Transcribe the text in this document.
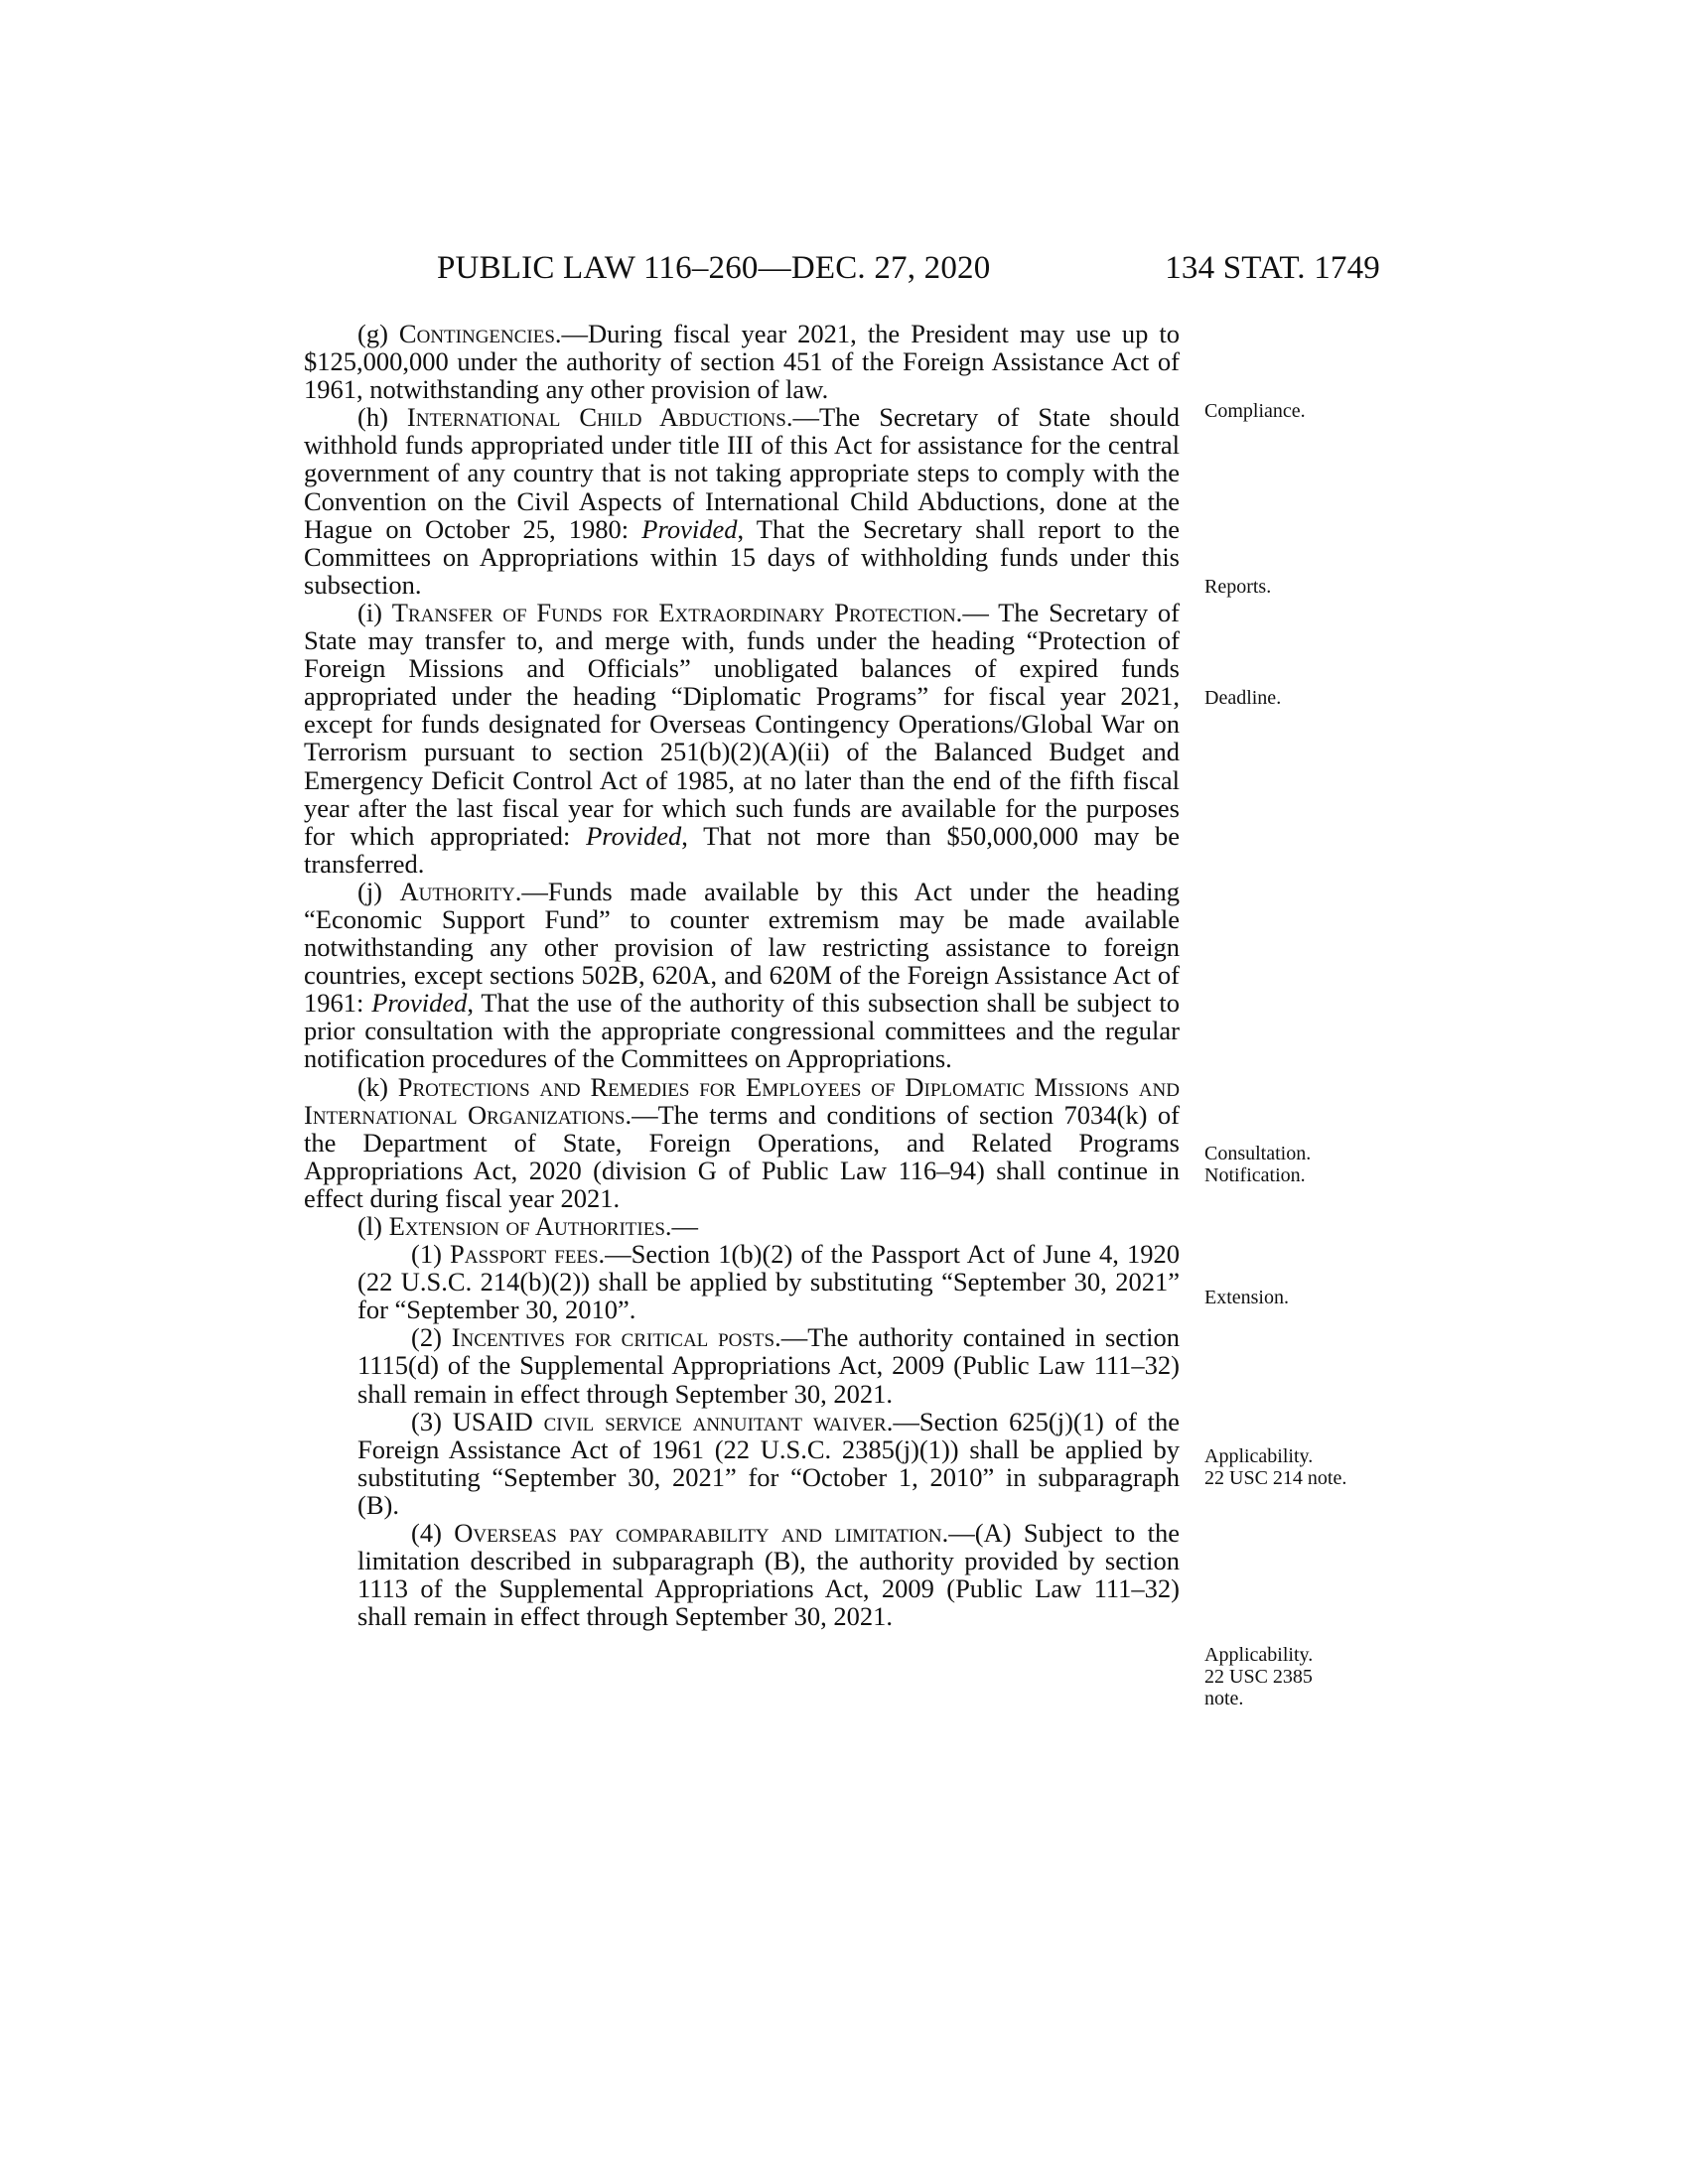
PUBLIC LAW 116–260—DEC. 27, 2020	134 STAT. 1749

(g) Contingencies.—During fiscal year 2021, the President may use up to $125,000,000 under the authority of section 451 of the Foreign Assistance Act of 1961, notwithstanding any other provision of law.

(h) International Child Abductions.—The Secretary of State should withhold funds appropriated under title III of this Act for assistance for the central government of any country that is not taking appropriate steps to comply with the Convention on the Civil Aspects of International Child Abductions, done at the Hague on October 25, 1980: Provided, That the Secretary shall report to the Committees on Appropriations within 15 days of withholding funds under this subsection.

(i) Transfer of Funds for Extraordinary Protection.— The Secretary of State may transfer to, and merge with, funds under the heading “Protection of Foreign Missions and Officials” unobligated balances of expired funds appropriated under the heading “Diplomatic Programs” for fiscal year 2021, except for funds designated for Overseas Contingency Operations/Global War on Terrorism pursuant to section 251(b)(2)(A)(ii) of the Balanced Budget and Emergency Deficit Control Act of 1985, at no later than the end of the fifth fiscal year after the last fiscal year for which such funds are available for the purposes for which appropriated: Provided, That not more than $50,000,000 may be transferred.

(j) Authority.—Funds made available by this Act under the heading “Economic Support Fund” to counter extremism may be made available notwithstanding any other provision of law restricting assistance to foreign countries, except sections 502B, 620A, and 620M of the Foreign Assistance Act of 1961: Provided, That the use of the authority of this subsection shall be subject to prior consultation with the appropriate congressional committees and the regular notification procedures of the Committees on Appropriations.

(k) Protections and Remedies for Employees of Diplomatic Missions and International Organizations.—The terms and conditions of section 7034(k) of the Department of State, Foreign Operations, and Related Programs Appropriations Act, 2020 (division G of Public Law 116–94) shall continue in effect during fiscal year 2021.

(l) Extension of Authorities.—

(1) Passport fees.—Section 1(b)(2) of the Passport Act of June 4, 1920 (22 U.S.C. 214(b)(2)) shall be applied by substituting “September 30, 2021” for “September 30, 2010”.

(2) Incentives for critical posts.—The authority contained in section 1115(d) of the Supplemental Appropriations Act, 2009 (Public Law 111–32) shall remain in effect through September 30, 2021.

(3) USAID civil service annuitant waiver.—Section 625(j)(1) of the Foreign Assistance Act of 1961 (22 U.S.C. 2385(j)(1)) shall be applied by substituting “September 30, 2021” for “October 1, 2010” in subparagraph (B).

(4) Overseas pay comparability and limitation.—(A) Subject to the limitation described in subparagraph (B), the authority provided by section 1113 of the Supplemental Appropriations Act, 2009 (Public Law 111–32) shall remain in effect through September 30, 2021.

Compliance.
Reports.
Deadline.
Consultation.
Notification.
Extension.
Applicability.
22 USC 214 note.
Applicability.
22 USC 2385
note.
